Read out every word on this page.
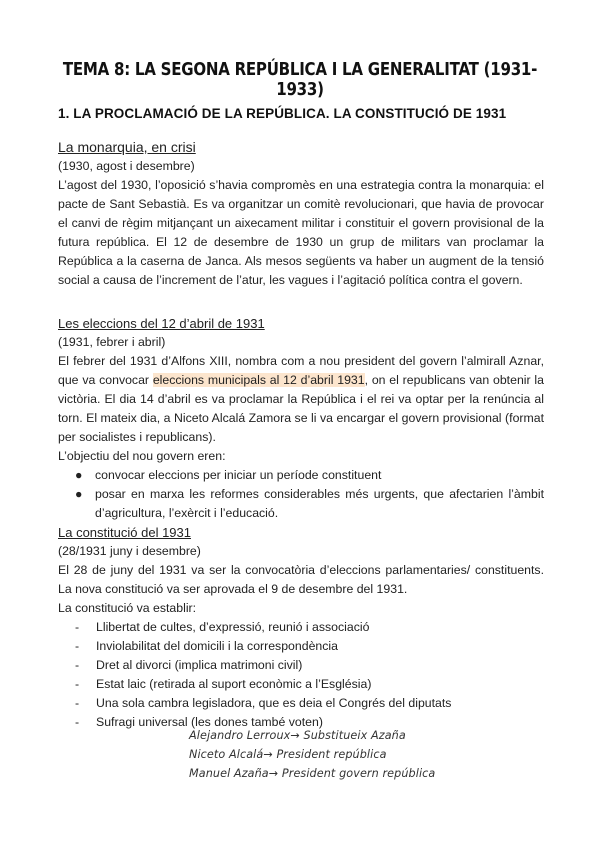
TEMA 8: LA SEGONA REPÚBLICA I LA GENERALITAT (1931-1933)
1. LA PROCLAMACIÓ DE LA REPÚBLICA. LA CONSTITUCIÓ DE 1931

La monarquia, en crisi

(1930, agost i desembre)

L’agost del 1930, l’oposició s’havia compromès en una estrategia contra la monarquia: el pacte de Sant Sebastià. Es va organitzar un comitè revolucionari, que havia de provocar el canvi de règim mitjançant un aixecament militar i constituir el govern provisional de la futura república. El 12 de desembre de 1930 un grup de militars van proclamar la República a la caserna de Janca. Als mesos següents va haber un augment de la tensió social a causa de l’increment de l’atur, les vagues i l’agitació política contra el govern.

Les eleccions del 12 d’abril de 1931

(1931, febrer i abril)

El febrer del 1931 d’Alfons XIII, nombra com a nou president del govern l’almirall Aznar, que va convocar eleccions municipals al 12 d’abril 1931, on el republicans van obtenir la victòria. El dia 14 d’abril es va proclamar la República i el rei va optar per la renúncia al torn. El mateix dia, a Niceto Alcalá Zamora se li va encargar el govern provisional (format per socialistes i republicans).

L’objectiu del nou govern eren:

● convocar eleccions per iniciar un període constituent
● posar en marxa les reformes considerables més urgents, que afectarien l’àmbit d’agricultura, l’exèrcit i l’educació.

La constitució del 1931

(28/1931 juny i desembre)

El 28 de juny del 1931 va ser la convocatòria d’eleccions parlamentaries/ constituents. La nova constitució va ser aprovada el 9 de desembre del 1931.

La constitució va establir:

- Llibertat de cultes, d’expressió, reunió i associació
- Inviolabilitat del domicili i la correspondència
- Dret al divorci (implica matrimoni civil)
- Estat laic (retirada al suport econòmic a l’Església)
- Una sola cambra legisladora, que es deia el Congrés del diputats
- Sufragi universal (les dones també voten)
Alejandro Lerroux→ Substitueix Azaña
Niceto Alcalá→ President república
Manuel Azaña→ President govern república
